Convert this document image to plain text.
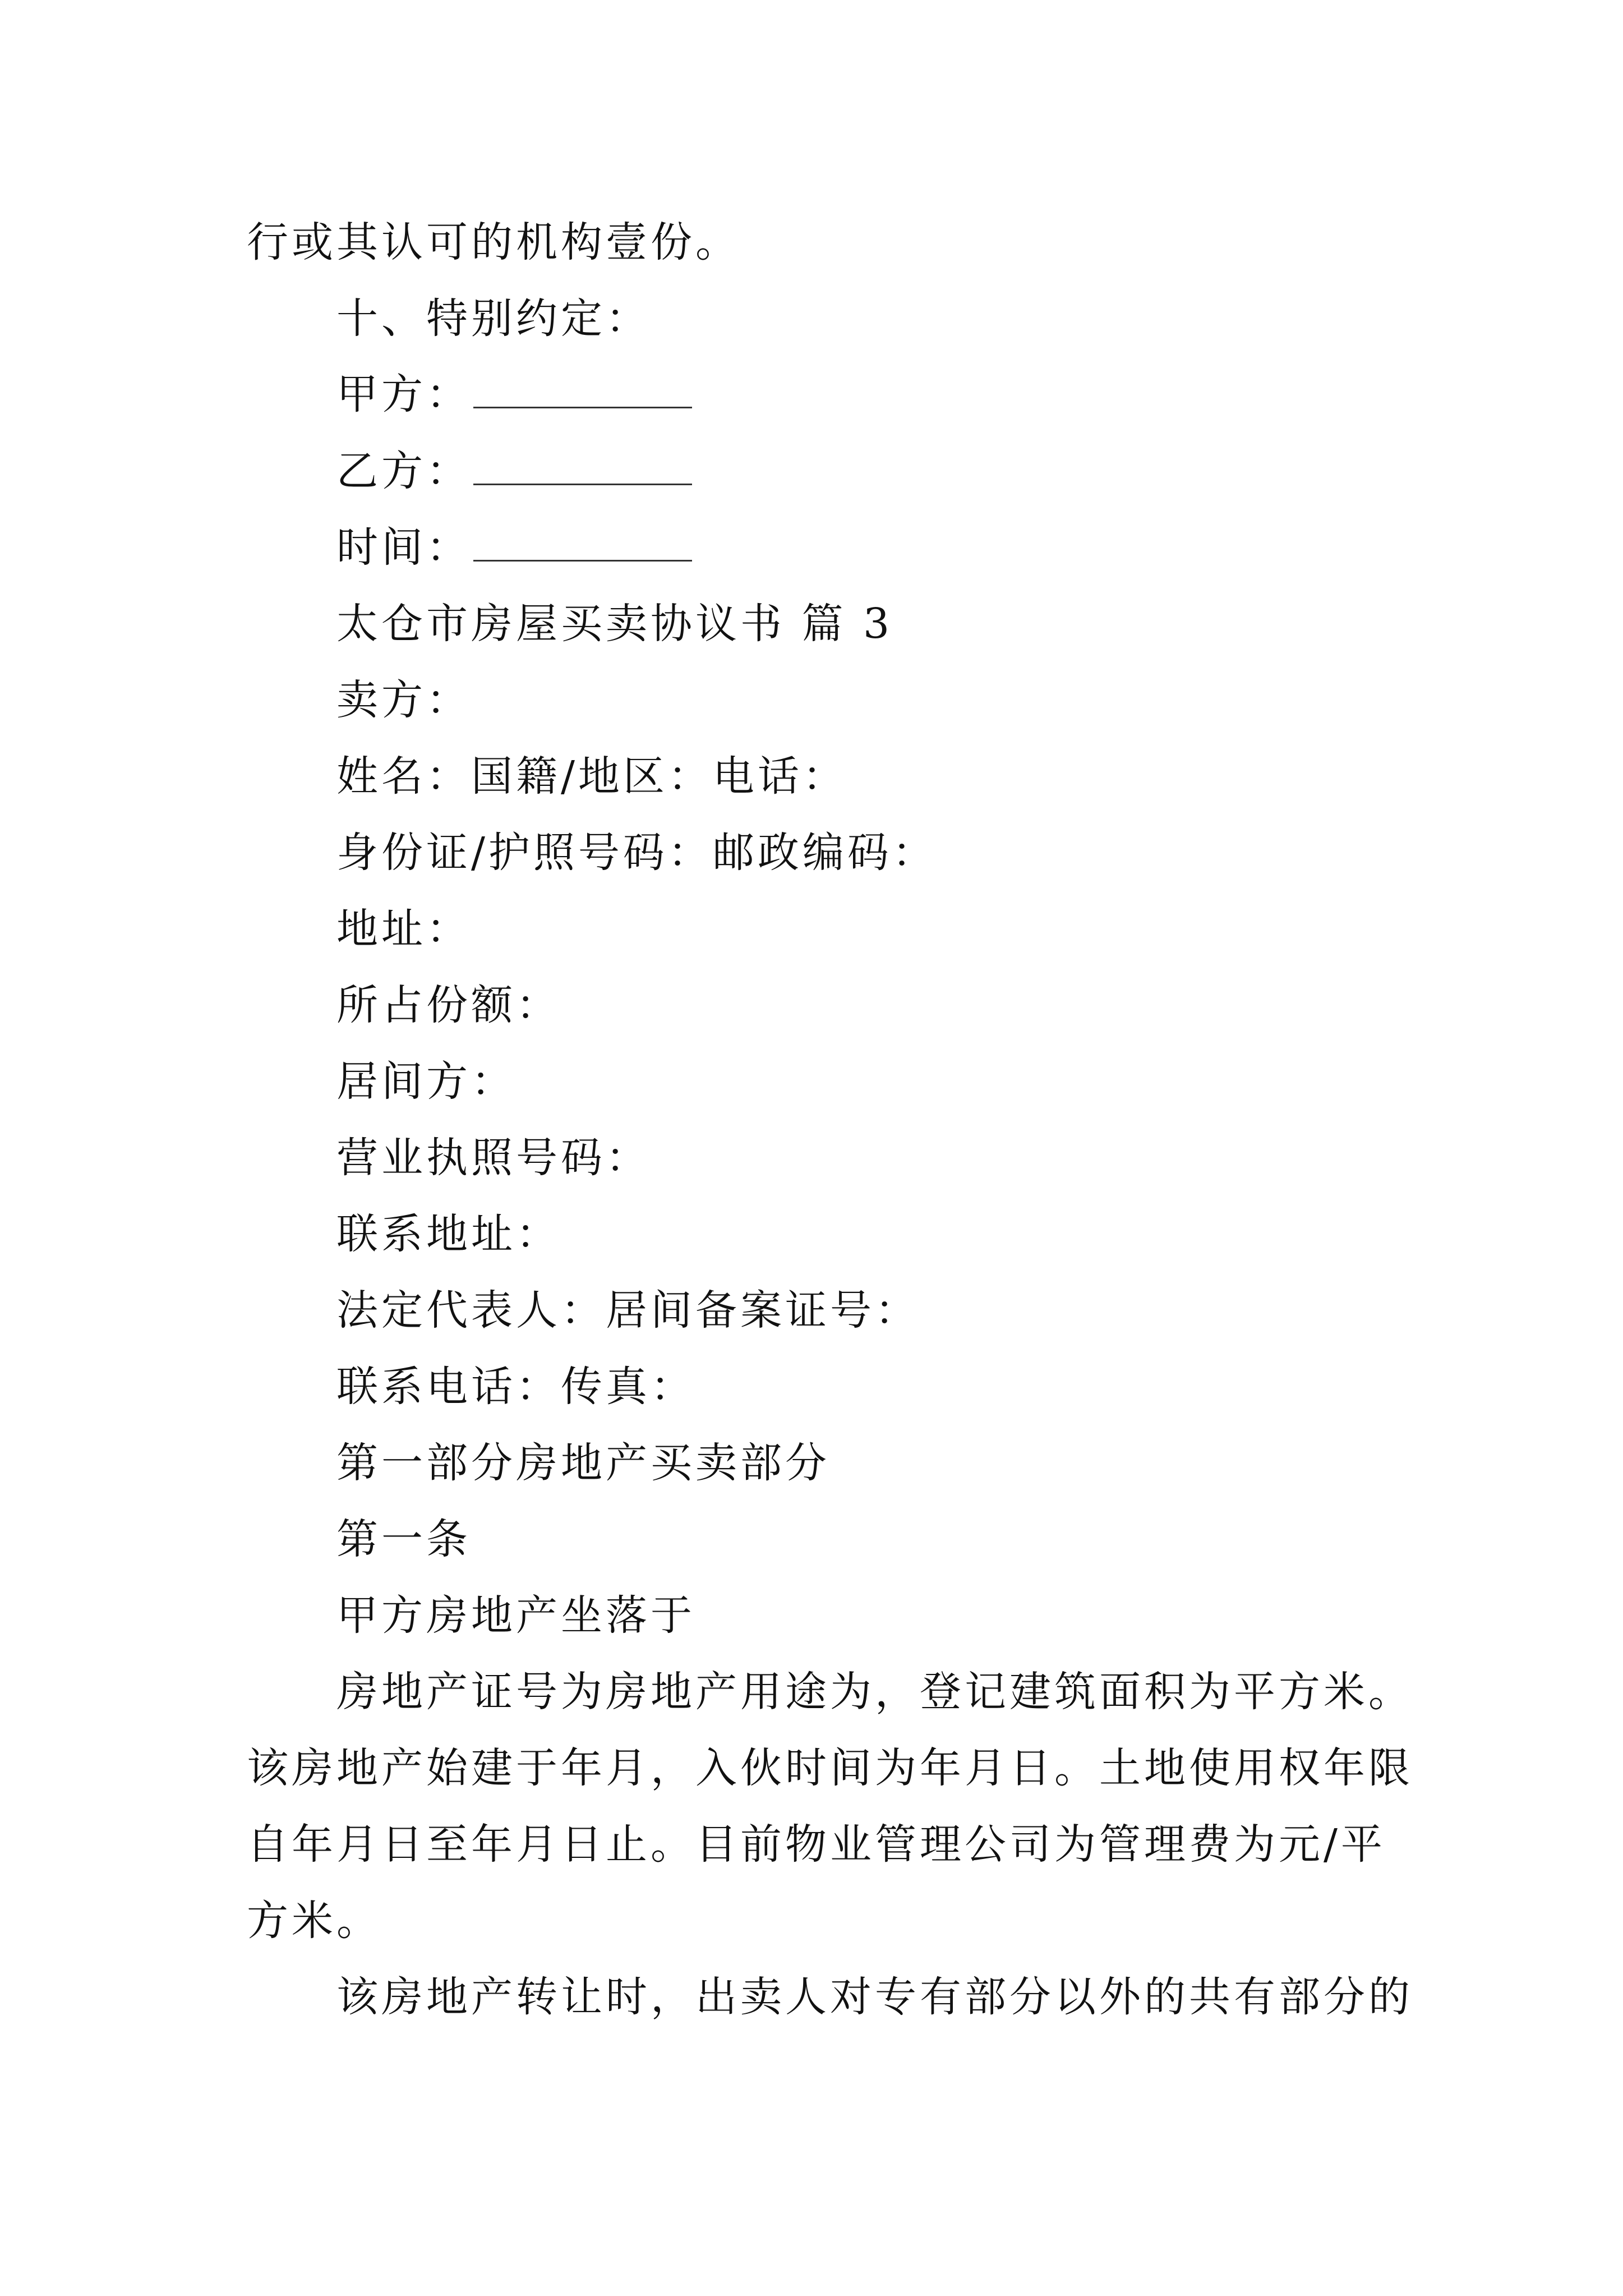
行或其认可的机构壹份。
十、特别约定：
甲方：
乙方：
时间：
太仓市房屋买卖协议书 篇 3
卖方：
姓名：国籍/地区：电话：
身份证/护照号码：邮政编码：
地址：
所占份额：
居间方：
营业执照号码：
联系地址：
法定代表人：居间备案证号：
联系电话：传真：
第一部分房地产买卖部分
第一条
甲方房地产坐落于
房地产证号为房地产用途为，登记建筑面积为平方米。
该房地产始建于年月，入伙时间为年月日。土地使用权年限
自年月日至年月日止。目前物业管理公司为管理费为元/平
方米。
该房地产转让时，出卖人对专有部分以外的共有部分的
